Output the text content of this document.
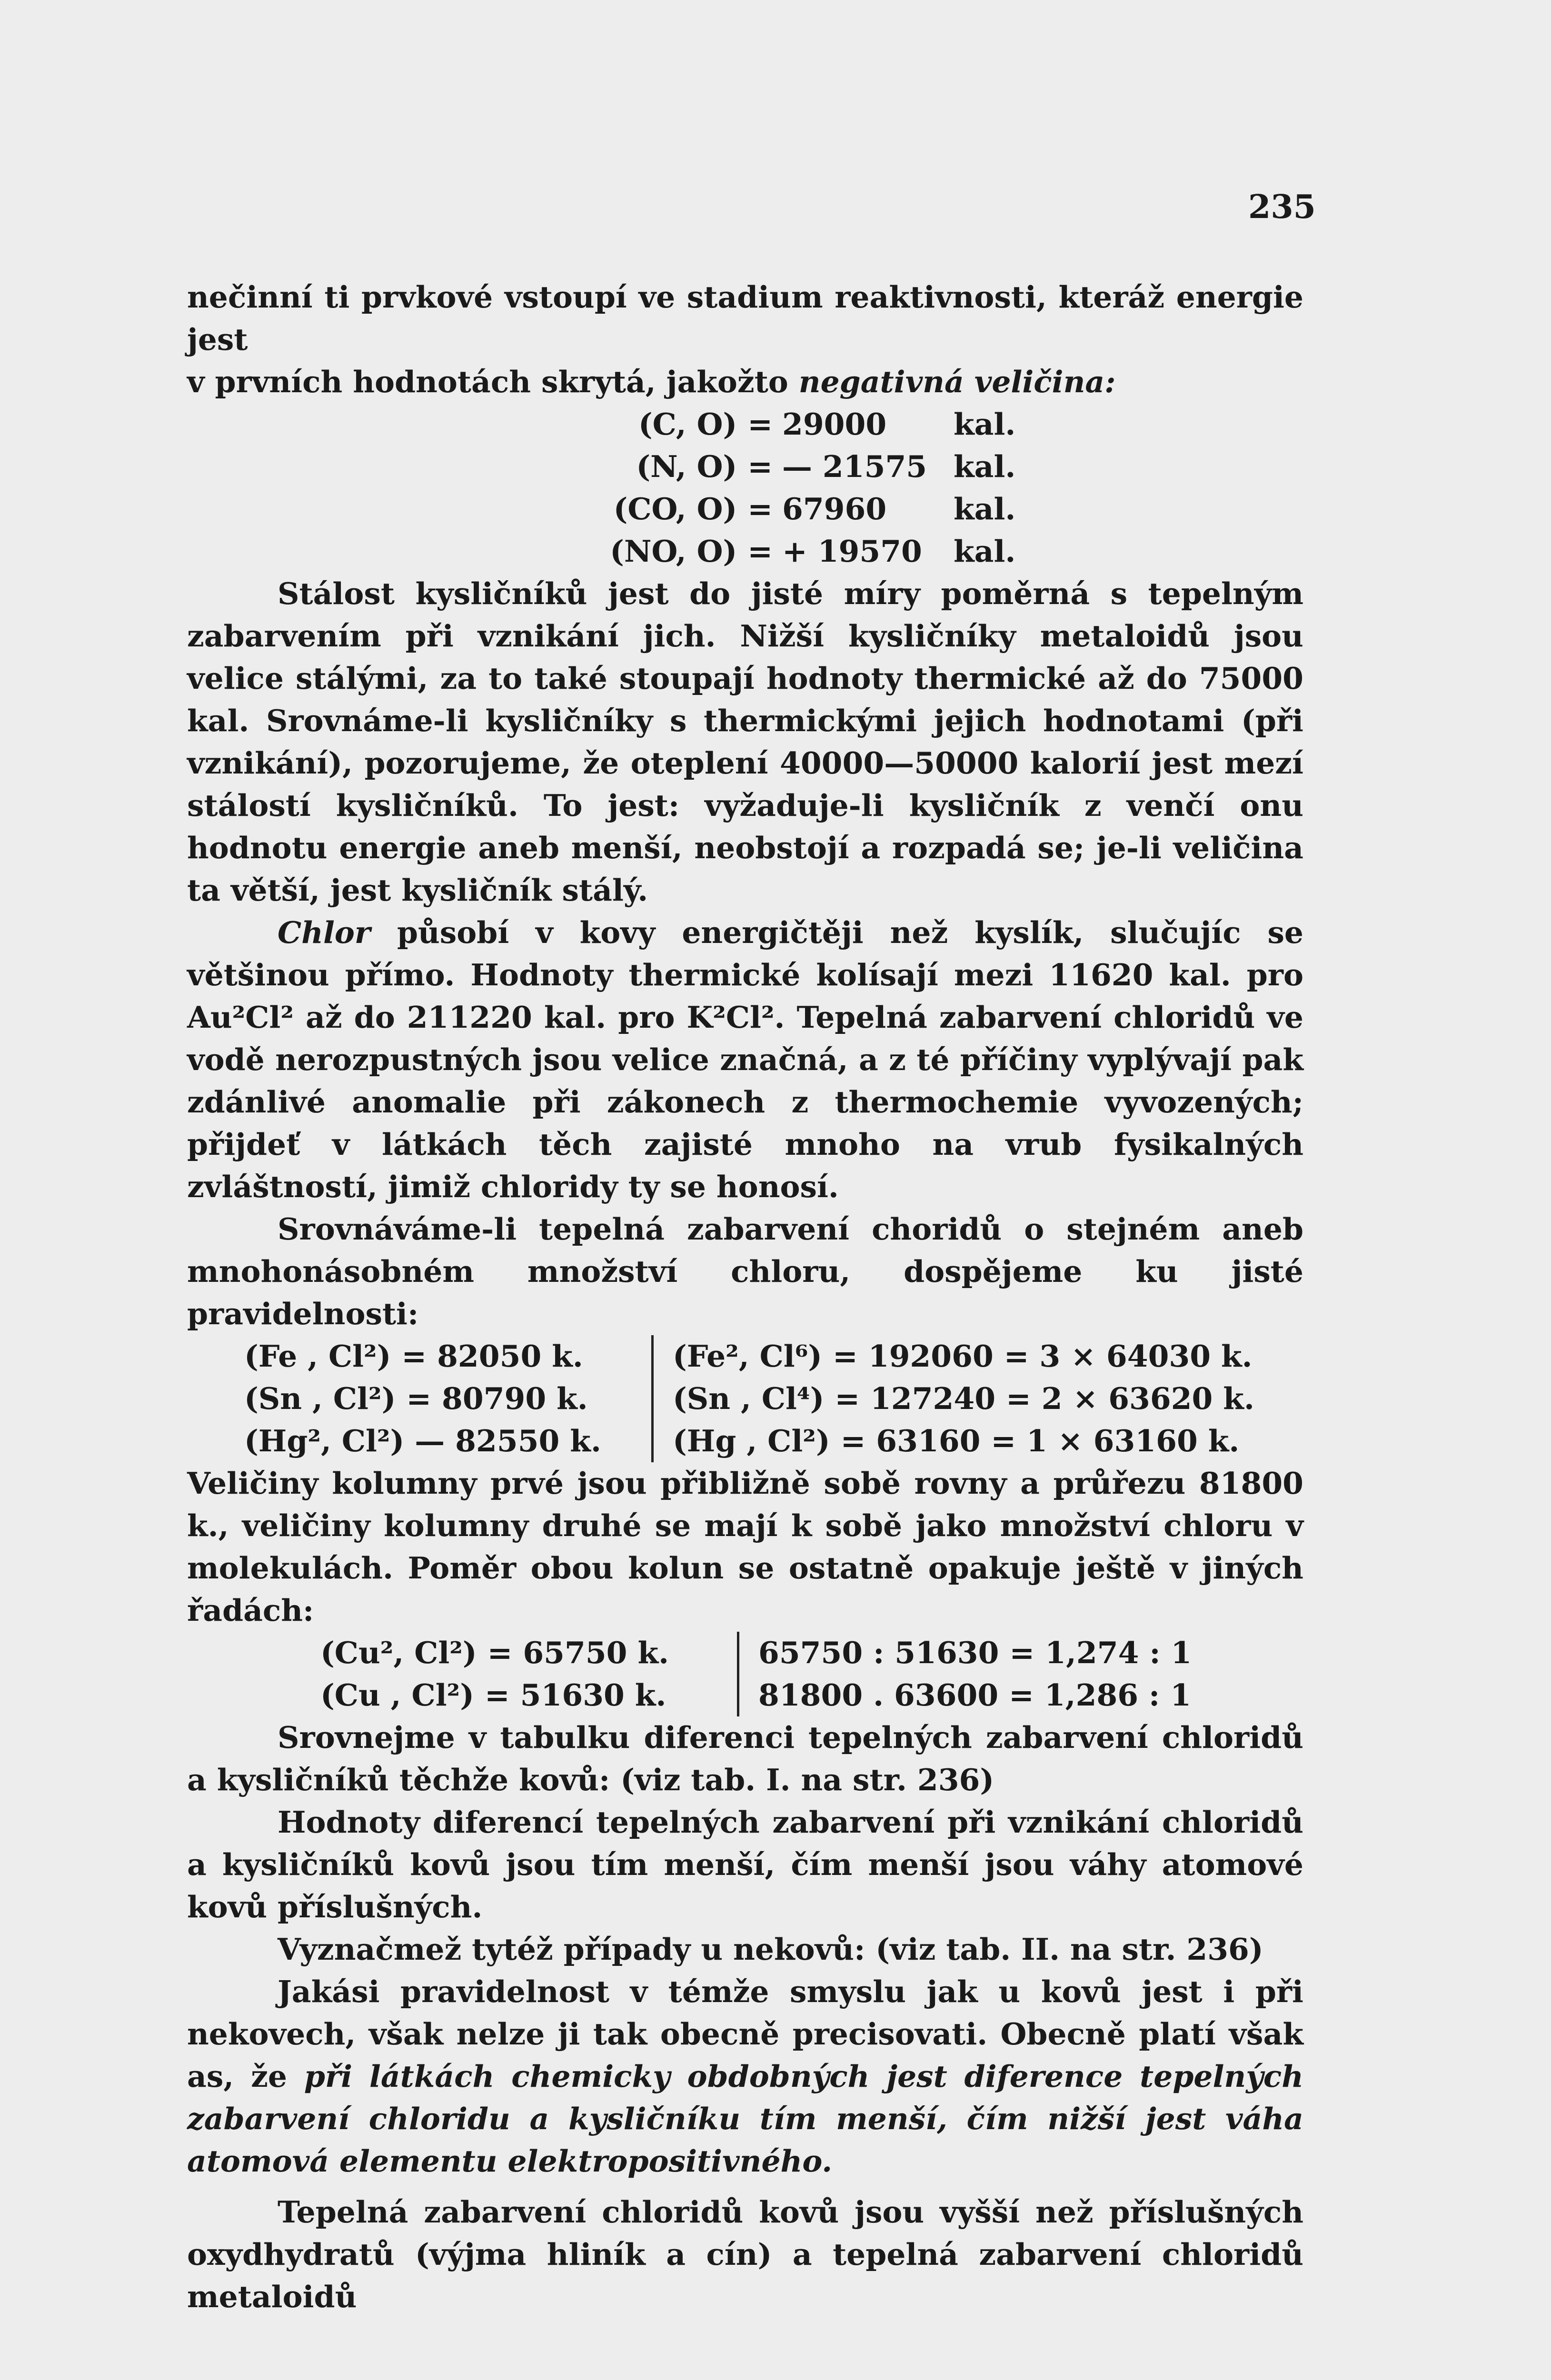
235
nečinní ti prvkové vstoupí ve stadium reaktivnosti, kteráž energie jest
v prvních hodnotách skrytá, jakožto negativná veličina:
(C, O) = 29000	kal.
(N, O) = — 21575 kal.
(CO, O) = 67960	kal.
(NO, O) = + 19570	kal.
Stálost kysličníků jest do jisté míry poměrná s tepelným zabarvením při vznikání jich. Nižší kysličníky metaloidů jsou velice stálými, za to také stoupají hodnoty thermické až do 75000 kal. Srovnáme-li kysličníky s thermickými jejich hodnotami (při vznikání), pozorujeme, že oteplení 40000—50000 kalorií jest mezí stálostí kysličníků. To jest: vyžaduje-li kysličník z venčí onu hodnotu energie aneb menší, neobstojí a rozpadá se; je-li veličina ta větší, jest kysličník stálý.
Chlor působí v kovy energičtěji než kyslík, slučujíc se většinou přímo. Hodnoty thermické kolísají mezi 11620 kal. pro Au²Cl² až do 211220 kal. pro K²Cl². Tepelná zabarvení chloridů ve vodě nerozpustných jsou velice značná, a z té příčiny vyplývají pak zdánlivé anomalie při zákonech z thermochemie vyvozených; přijdeť v látkách těch zajisté mnoho na vrub fysikalných zvláštností, jimiž chloridy ty se honosí.
Srovnáváme-li tepelná zabarvení choridů o stejném aneb mnohonásobném množství chloru, dospějeme ku jisté pravidelnosti:
(Fe , Cl²) = 82050 k.	(Fe², Cl⁶) = 192060 = 3 × 64030 k.
(Sn , Cl²) = 80790 k.	(Sn , Cl⁴) = 127240 = 2 × 63620 k.
(Hg², Cl²) — 82550 k.	(Hg , Cl²) = 63160 = 1 × 63160 k.
Veličiny kolumny prvé jsou přibližně sobě rovny a průřezu 81800 k., veličiny kolumny druhé se mají k sobě jako množství chloru v molekulách. Poměr obou kolun se ostatně opakuje ještě v jiných řadách:
(Cu², Cl²) = 65750 k.	65750 : 51630 = 1,274 : 1
(Cu , Cl²) = 51630 k.	81800 . 63600 = 1,286 : 1
Srovnejme v tabulku diferenci tepelných zabarvení chloridů a kysličníků těchže kovů: (viz tab. I. na str. 236)
Hodnoty diferencí tepelných zabarvení při vznikání chloridů a kysličníků kovů jsou tím menší, čím menší jsou váhy atomové kovů příslušných.
Vyznačmež tytéž případy u nekovů: (viz tab. II. na str. 236)
Jakási pravidelnost v témže smyslu jak u kovů jest i při nekovech, však nelze ji tak obecně precisovati. Obecně platí však as, že při látkách chemicky obdobných jest diference tepelných zabarvení chloridu a kysličníku tím menší, čím nižší jest váha atomová elementu elektropositivného.
Tepelná zabarvení chloridů kovů jsou vyšší než příslušných oxydhydratů (výjma hliník a cín) a tepelná zabarvení chloridů metaloidů
